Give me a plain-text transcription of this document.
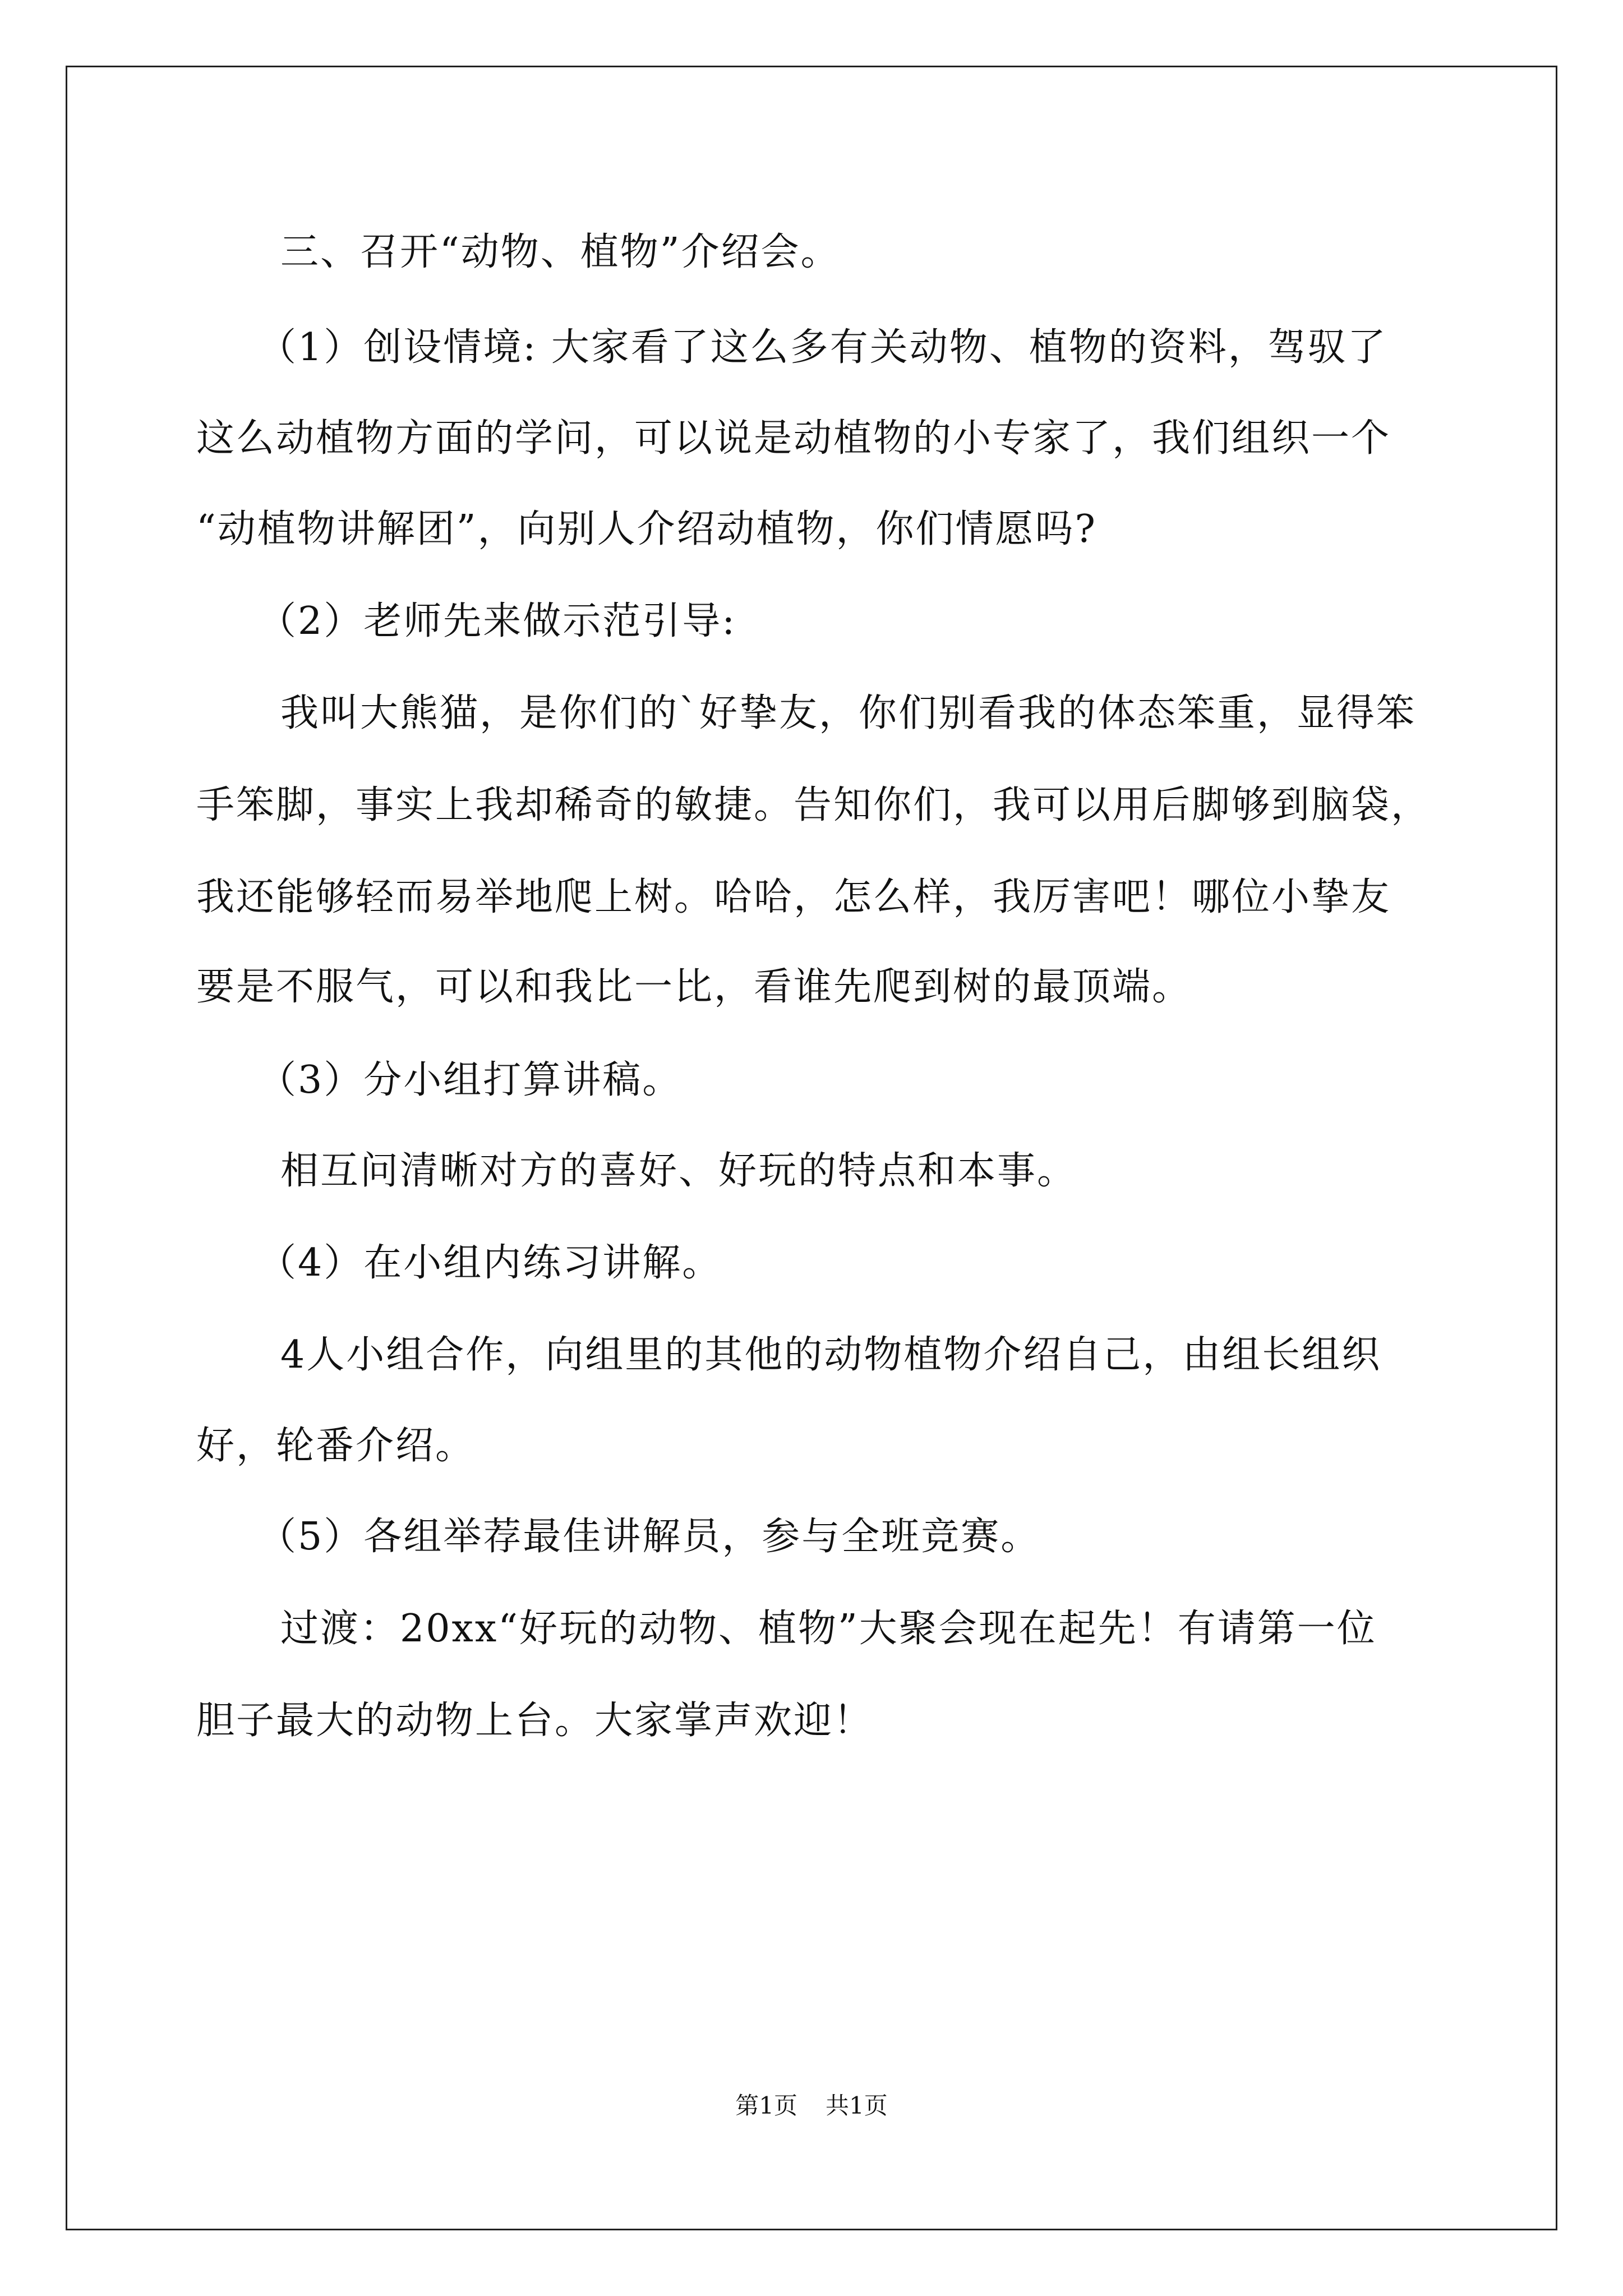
三、召开“动物、植物”介绍会。
（1）创设情境: 大家看了这么多有关动物、植物的资料，驾驭了
这么动植物方面的学问，可以说是动植物的小专家了，我们组织一个
“动植物讲解团”，向别人介绍动植物，你们情愿吗?
（2）老师先来做示范引导:
我叫大熊猫，是你们的`好挚友，你们别看我的体态笨重，显得笨
手笨脚，事实上我却稀奇的敏捷。告知你们，我可以用后脚够到脑袋，
我还能够轻而易举地爬上树。哈哈，怎么样，我厉害吧！哪位小挚友
要是不服气，可以和我比一比，看谁先爬到树的最顶端。
（3）分小组打算讲稿。
相互问清晰对方的喜好、好玩的特点和本事。
（4）在小组内练习讲解。
4人小组合作，向组里的其他的动物植物介绍自己，由组长组织
好，轮番介绍。
（5）各组举荐最佳讲解员，参与全班竞赛。
过渡：20xx“好玩的动物、植物”大聚会现在起先！有请第一位
胆子最大的动物上台。大家掌声欢迎！
第1页 共1页
